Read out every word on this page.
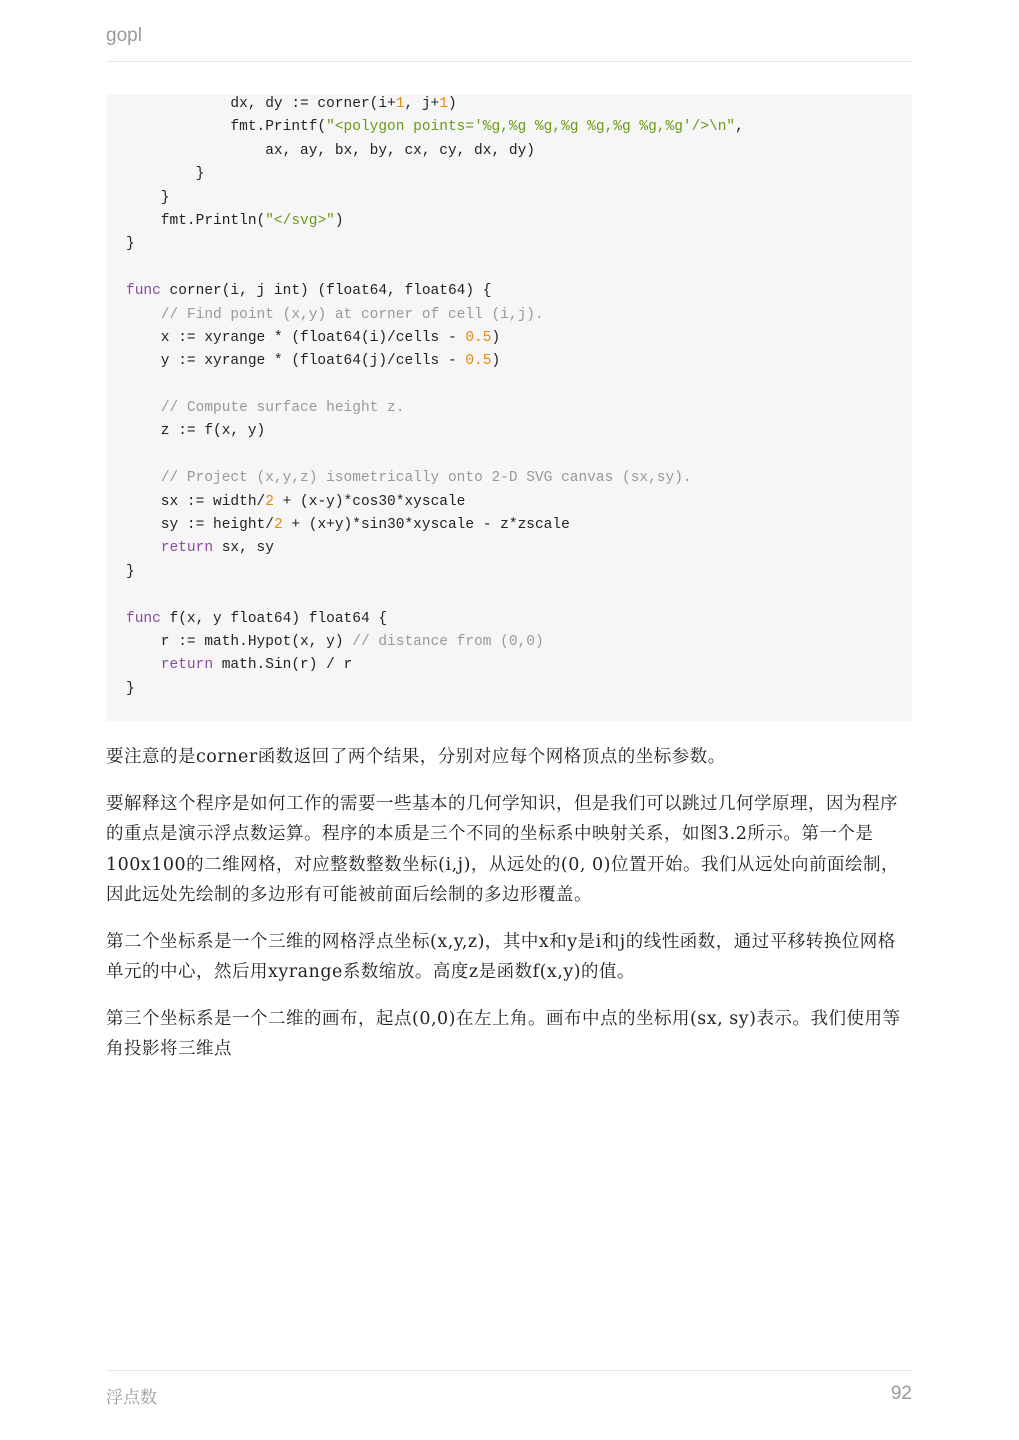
gopl
dx, dy := corner(i+1, j+1)
fmt.Printf("<polygon points='%g,%g %g,%g %g,%g %g,%g'/>\n",
ax, ay, bx, by, cx, cy, dx, dy)
}
}
fmt.Println("</svg>")
}
func corner(i, j int) (float64, float64) {
// Find point (x,y) at corner of cell (i,j).
x := xyrange * (float64(i)/cells - 0.5)
y := xyrange * (float64(j)/cells - 0.5)
// Compute surface height z.
z := f(x, y)
// Project (x,y,z) isometrically onto 2-D SVG canvas (sx,sy).
sx := width/2 + (x-y)*cos30*xyscale
sy := height/2 + (x+y)*sin30*xyscale - z*zscale
return sx, sy
}
func f(x, y float64) float64 {
r := math.Hypot(x, y) // distance from (0,0)
return math.Sin(r) / r
}

要注意的是corner函数返回了两个结果，分别对应每个网格顶点的坐标参数。

要解释这个程序是如何工作的需要一些基本的几何学知识，但是我们可以跳过几何学原理，因为程序的重点是演示浮点数运算。程序的本质是三个不同的坐标系中映射关系，如图3.2所示。第一个是100x100的二维网格，对应整数整数坐标(i,j)，从远处的(0, 0)位置开始。我们从远处向前面绘制，因此远处先绘制的多边形有可能被前面后绘制的多边形覆盖。

第二个坐标系是一个三维的网格浮点坐标(x,y,z)，其中x和y是i和j的线性函数，通过平移转换位网格单元的中心，然后用xyrange系数缩放。高度z是函数f(x,y)的值。

第三个坐标系是一个二维的画布，起点(0,0)在左上角。画布中点的坐标用(sx, sy)表示。我们使用等角投影将三维点

浮点数	92
